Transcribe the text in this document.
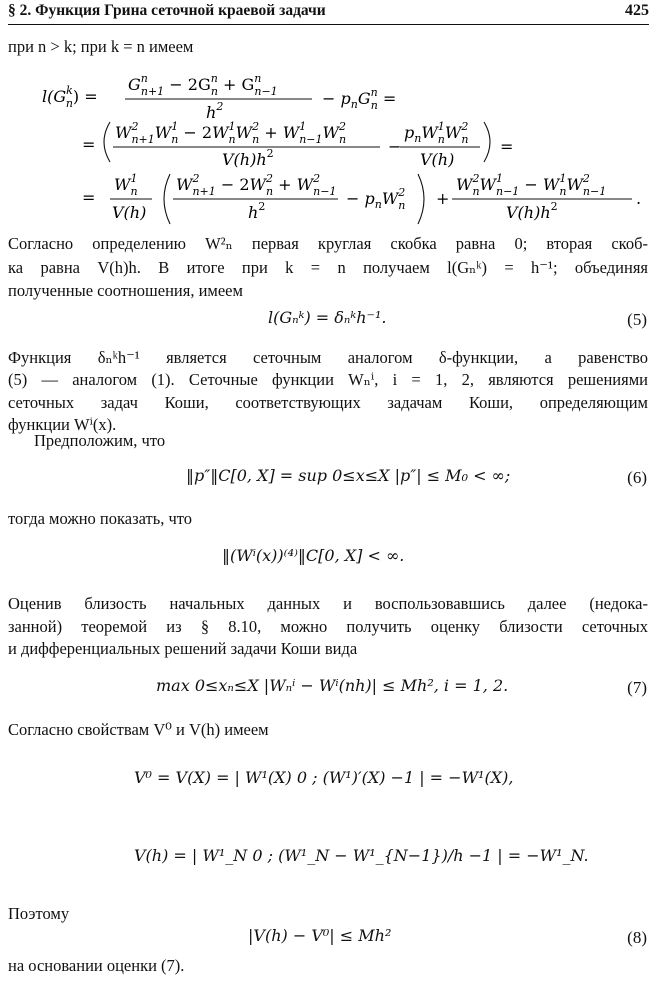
§ 2. Функция Грина сеточной краевой задачи	425

при n > k; при k = n имеем

$l(G^k$ n) =
$G^n$ $n+1 - 2G^n$ $n + G^n$ n−1
$h^2$	− $p_nG^n$ n =
=
$W^2$ $n+1W^1$ $n - 2W^1$ $nW^2$ $n + W^1$ $n-1W^2$ n
$V(h)h^2$	−
$p_nW^1$ $nW^2$ n
V(h)
=
=
$W^1$ n
V(h)
$W^2$ $n+1 - 2W^2$ $n + W^2$ n−1
$h^2$	− $p_nW^2$ n +
$W^2$ $nW^1$ $n-1 - W^1$ $nW^2$ n−1
$V(h)h^2$	.

Согласно определению W²ₙ первая круглая скобка равна 0; вторая скоб-

ка равна V(h)h. В итоге при k = n получаем l(Gₙᵏ) = h⁻¹; объединяя

полученные соотношения, имеем

l(Gₙᵏ) = δₙᵏh⁻¹.	(5)

Функция δₙᵏh⁻¹ является сеточным аналогом δ-функции, а равенство

(5) — аналогом (1). Сеточные функции Wₙⁱ, i = 1, 2, являются решениями

сеточных задач Коши, соответствующих задачам Коши, определяющим

функции Wⁱ(x).

Предположим, что

‖p″‖C[0, X] = sup 0≤x≤X |p″| ≤ M₀ < ∞;	(6)

тогда можно показать, что

‖(Wⁱ(x))⁽⁴⁾‖C[0, X] < ∞.

Оценив близость начальных данных и воспользовавшись далее (недока-

занной) теоремой из § 8.10, можно получить оценку близости сеточных

и дифференциальных решений задачи Коши вида

max 0≤xₙ≤X |Wₙⁱ − Wⁱ(nh)| ≤ Mh², i = 1, 2.	(7)

Согласно свойствам V⁰ и V(h) имеем

V⁰ = V(X) = | W¹(X) 0 ; (W¹)′(X) −1 | = −W¹(X),
V(h) = | W¹_N 0 ; (W¹_N − W¹_{N−1})/h −1 | = −W¹_N.

Поэтому

|V(h) − V⁰| ≤ Mh²	(8)

на основании оценки (7).
